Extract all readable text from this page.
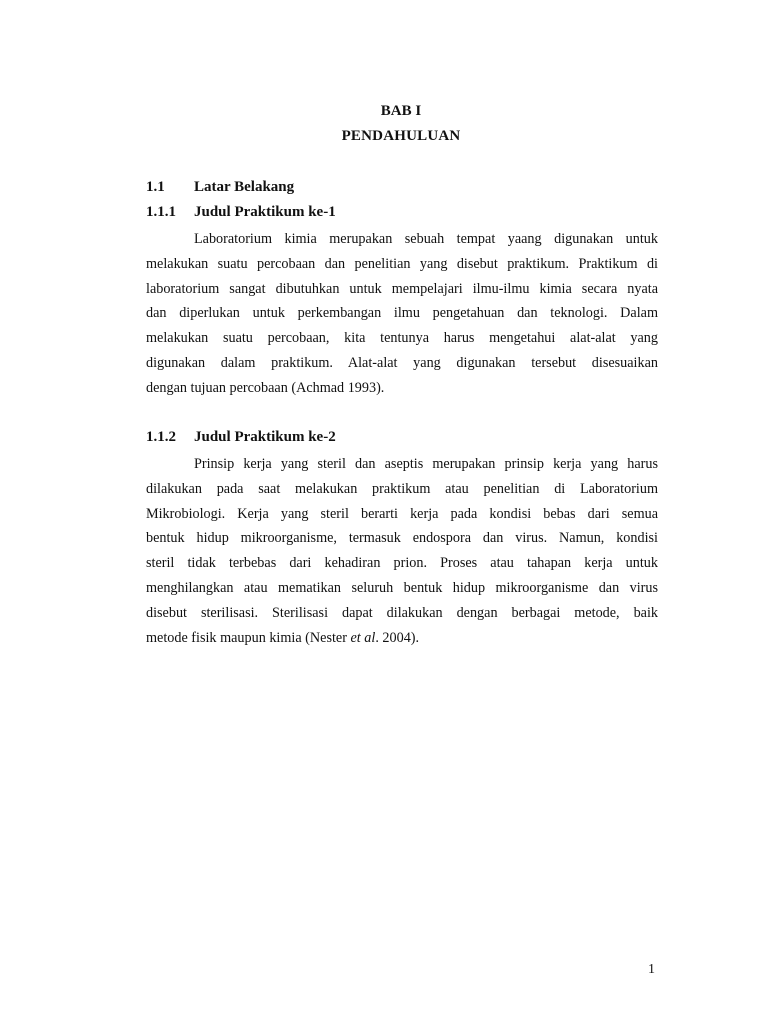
BAB I
PENDAHULUAN
1.1 Latar Belakang
1.1.1 Judul Praktikum ke-1

Laboratorium kimia merupakan sebuah tempat yaang digunakan untuk
melakukan suatu percobaan dan penelitian yang disebut praktikum. Praktikum di
laboratorium sangat dibutuhkan untuk mempelajari ilmu-ilmu kimia secara nyata
dan diperlukan untuk perkembangan ilmu pengetahuan dan teknologi. Dalam
melakukan suatu percobaan, kita tentunya harus mengetahui alat-alat yang
digunakan dalam praktikum. Alat-alat yang digunakan tersebut disesuaikan
dengan tujuan percobaan (Achmad 1993).

1.1.2 Judul Praktikum ke-2

Prinsip kerja yang steril dan aseptis merupakan prinsip kerja yang harus
dilakukan pada saat melakukan praktikum atau penelitian di Laboratorium
Mikrobiologi. Kerja yang steril berarti kerja pada kondisi bebas dari semua
bentuk hidup mikroorganisme, termasuk endospora dan virus. Namun, kondisi
steril tidak terbebas dari kehadiran prion. Proses atau tahapan kerja untuk
menghilangkan atau mematikan seluruh bentuk hidup mikroorganisme dan virus
disebut sterilisasi. Sterilisasi dapat dilakukan dengan berbagai metode, baik
metode fisik maupun kimia (Nester et al. 2004).

1
